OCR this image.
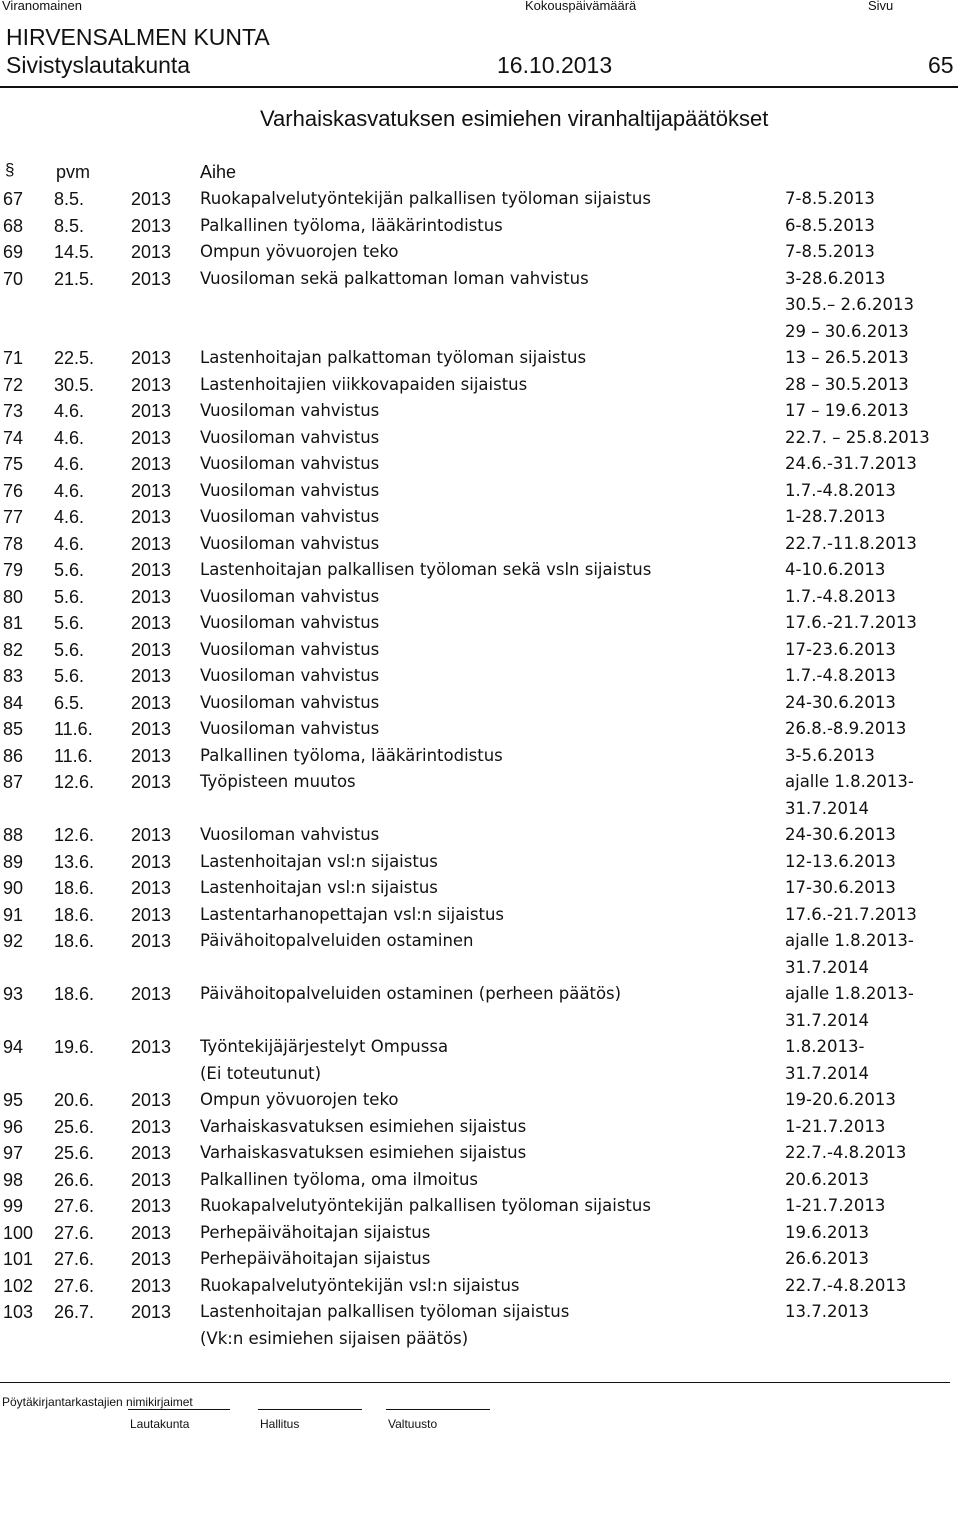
Viranomainen	Kokouspäivämäärä	Sivu
HIRVENSALMEN KUNTA
Sivistyslautakunta	16.10.2013	65
Varhaiskasvatuksen esimiehen viranhaltijapäätökset
§ pvm	Aihe
67 8.5.	2013 Ruokapalvelutyöntekijän palkallisen työloman sijaistus	7-8.5.2013
68 8.5.	2013 Palkallinen työloma, lääkärintodistus	6-8.5.2013
69 14.5. 2013 Ompun yövuorojen teko	7-8.5.2013
70 21.5. 2013 Vuosiloman sekä palkattoman loman vahvistus	3-28.6.2013
30.5.– 2.6.2013
29 – 30.6.2013
71 22.5. 2013 Lastenhoitajan palkattoman työloman sijaistus	13 – 26.5.2013
72 30.5. 2013 Lastenhoitajien viikkovapaiden sijaistus	28 – 30.5.2013
73 4.6.	2013 Vuosiloman vahvistus	17 – 19.6.2013
74 4.6.	2013 Vuosiloman vahvistus	22.7. – 25.8.2013
75 4.6.	2013 Vuosiloman vahvistus	24.6.-31.7.2013
76 4.6.	2013 Vuosiloman vahvistus	1.7.-4.8.2013
77 4.6.	2013 Vuosiloman vahvistus	1-28.7.2013
78 4.6.	2013 Vuosiloman vahvistus	22.7.-11.8.2013
79 5.6.	2013 Lastenhoitajan palkallisen työloman sekä vsln sijaistus	4-10.6.2013
80 5.6.	2013 Vuosiloman vahvistus	1.7.-4.8.2013
81 5.6.	2013 Vuosiloman vahvistus	17.6.-21.7.2013
82 5.6.	2013 Vuosiloman vahvistus	17-23.6.2013
83 5.6.	2013 Vuosiloman vahvistus	1.7.-4.8.2013
84 6.5.	2013 Vuosiloman vahvistus	24-30.6.2013
85 11.6. 2013 Vuosiloman vahvistus	26.8.-8.9.2013
86 11.6. 2013 Palkallinen työloma, lääkärintodistus	3-5.6.2013
87 12.6. 2013 Työpisteen muutos	ajalle 1.8.2013-
31.7.2014
88 12.6. 2013 Vuosiloman vahvistus	24-30.6.2013
89 13.6. 2013 Lastenhoitajan vsl:n sijaistus	12-13.6.2013
90 18.6. 2013 Lastenhoitajan vsl:n sijaistus	17-30.6.2013
91 18.6. 2013 Lastentarhanopettajan vsl:n sijaistus	17.6.-21.7.2013
92 18.6. 2013 Päivähoitopalveluiden ostaminen	ajalle 1.8.2013-
31.7.2014
93 18.6. 2013 Päivähoitopalveluiden ostaminen (perheen päätös)	ajalle 1.8.2013-
31.7.2014
94 19.6. 2013 Työntekijäjärjestelyt Ompussa	1.8.2013-
(Ei toteutunut)	31.7.2014
95 20.6. 2013 Ompun yövuorojen teko	19-20.6.2013
96 25.6. 2013 Varhaiskasvatuksen esimiehen sijaistus	1-21.7.2013
97 25.6. 2013 Varhaiskasvatuksen esimiehen sijaistus	22.7.-4.8.2013
98 26.6. 2013 Palkallinen työloma, oma ilmoitus	20.6.2013
99 27.6. 2013 Ruokapalvelutyöntekijän palkallisen työloman sijaistus	1-21.7.2013
100 27.6. 2013 Perhepäivähoitajan sijaistus	19.6.2013
101 27.6. 2013 Perhepäivähoitajan sijaistus	26.6.2013
102 27.6. 2013 Ruokapalvelutyöntekijän vsl:n sijaistus	22.7.-4.8.2013
103 26.7. 2013 Lastenhoitajan palkallisen työloman sijaistus	13.7.2013
(Vk:n esimiehen sijaisen päätös)
Pöytäkirjantarkastajien nimikirjaimet
Lautakunta	Hallitus	Valtuusto
